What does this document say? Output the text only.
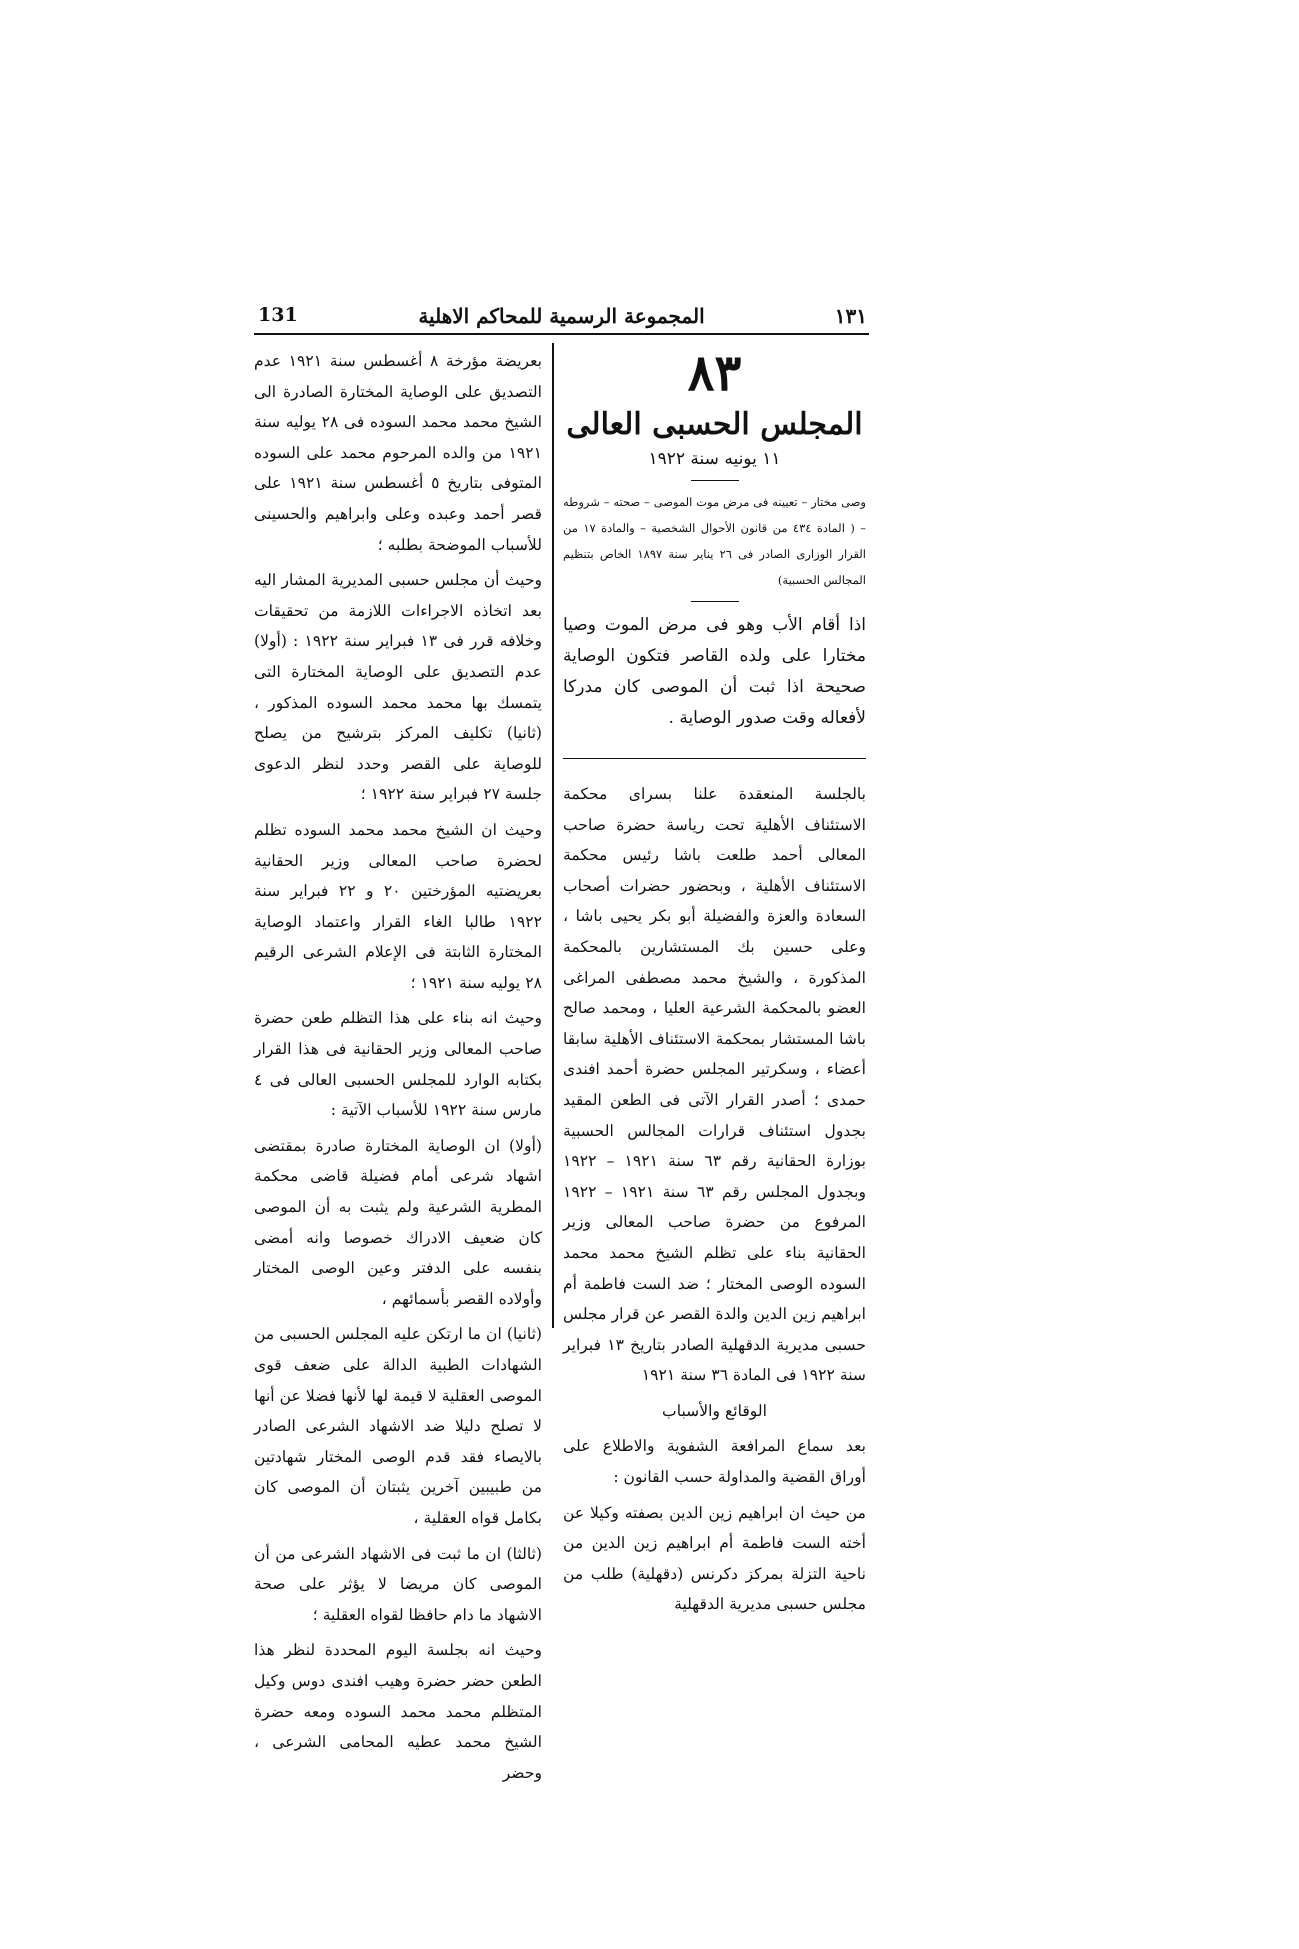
١٣١
المجموعة الرسمية للمحاكم الاهلية
131
٨٣
المجلس الحسبى العالى
١١ يونيه سنة ١٩٢٢

وصى مختار – تعيينه فى مرض موت الموصى – صحته – شروطه – ( المادة ٤٣٤ من قانون الأحوال الشخصية – والمادة ١٧ من القرار الوزارى الصادر فى ٢٦ يناير سنة ١٨٩٧ الخاص بتنظيم المجالس الحسبية)

اذا أقام الأب وهو فى مرض الموت وصيا مختارا على ولده القاصر فتكون الوصاية صحيحة اذا ثبت أن الموصى كان مدركا لأفعاله وقت صدور الوصاية .

بالجلسة المنعقدة علنا بسراى محكمة الاستئناف الأهلية تحت رياسة حضرة صاحب المعالى أحمد طلعت باشا رئيس محكمة الاستئناف الأهلية ، وبحضور حضرات أصحاب السعادة والعزة والفضيلة أبو بكر يحيى باشا ، وعلى حسين بك المستشارين بالمحكمة المذكورة ، والشيخ محمد مصطفى المراغى العضو بالمحكمة الشرعية العليا ، ومحمد صالح باشا المستشار بمحكمة الاستئناف الأهلية سابقا أعضاء ، وسكرتير المجلس حضرة أحمد افندى حمدى ؛ أصدر القرار الآتى فى الطعن المقيد بجدول استئناف قرارات المجالس الحسبية بوزارة الحقانية رقم ٦٣ سنة ١٩٢١ – ١٩٢٢ وبجدول المجلس رقم ٦٣ سنة ١٩٢١ – ١٩٢٢ المرفوع من حضرة صاحب المعالى وزير الحقانية بناء على تظلم الشيخ محمد محمد السوده الوصى المختار ؛ ضد الست فاطمة أم ابراهيم زين الدين والدة القصر عن قرار مجلس حسبى مديرية الدقهلية الصادر بتاريخ ١٣ فبراير سنة ١٩٢٢ فى المادة ٣٦ سنة ١٩٢١

الوقائع والأسباب

بعد سماع المرافعة الشفوية والاطلاع على أوراق القضية والمداولة حسب القانون :

من حيث ان ابراهيم زين الدين بصفته وكيلا عن أخته الست فاطمة أم ابراهيم زين الدين من ناحية التزلة بمركز دكرنس (دقهلية) طلب من مجلس حسبى مديرية الدقهلية

بعريضة مؤرخة ٨ أغسطس سنة ١٩٢١ عدم التصديق على الوصاية المختارة الصادرة الى الشيخ محمد محمد السوده فى ٢٨ يوليه سنة ١٩٢١ من والده المرحوم محمد على السوده المتوفى بتاريخ ٥ أغسطس سنة ١٩٢١ على قصر أحمد وعبده وعلى وابراهيم والحسينى للأسباب الموضحة بطلبه ؛

وحيث أن مجلس حسبى المديرية المشار اليه بعد اتخاذه الاجراءات اللازمة من تحقيقات وخلافه قرر فى ١٣ فبراير سنة ١٩٢٢ : (أولا) عدم التصديق على الوصاية المختارة التى يتمسك بها محمد محمد السوده المذكور ، (ثانيا) تكليف المركز بترشيح من يصلح للوصاية على القصر وحدد لنظر الدعوى جلسة ٢٧ فبراير سنة ١٩٢٢ ؛

وحيث ان الشيخ محمد محمد السوده تظلم لحضرة صاحب المعالى وزير الحقانية بعريضتيه المؤرختين ٢٠ و ٢٢ فبراير سنة ١٩٢٢ طالبا الغاء القرار واعتماد الوصاية المختارة الثابتة فى الإعلام الشرعى الرقيم ٢٨ يوليه سنة ١٩٢١ ؛

وحيث انه بناء على هذا التظلم طعن حضرة صاحب المعالى وزير الحقانية فى هذا القرار بكتابه الوارد للمجلس الحسبى العالى فى ٤ مارس سنة ١٩٢٢ للأسباب الآتية :

(أولا) ان الوصاية المختارة صادرة بمقتضى اشهاد شرعى أمام فضيلة قاضى محكمة المطرية الشرعية ولم يثبت به أن الموصى كان ضعيف الادراك خصوصا وانه أمضى بنفسه على الدفتر وعين الوصى المختار وأولاده القصر بأسمائهم ،

(ثانيا) ان ما ارتكن عليه المجلس الحسبى من الشهادات الطبية الدالة على ضعف قوى الموصى العقلية لا قيمة لها لأنها فضلا عن أنها لا تصلح دليلا ضد الاشهاد الشرعى الصادر بالايصاء فقد قدم الوصى المختار شهادتين من طبيبين آخرين يثبتان أن الموصى كان بكامل قواه العقلية ،

(ثالثا) ان ما ثبت فى الاشهاد الشرعى من أن الموصى كان مريضا لا يؤثر على صحة الاشهاد ما دام حافظا لقواه العقلية ؛

وحيث انه بجلسة اليوم المحددة لنظر هذا الطعن حضر حضرة وهيب افندى دوس وكيل المتظلم محمد محمد السوده ومعه حضرة الشيخ محمد عطيه المحامى الشرعى ، وحضر
